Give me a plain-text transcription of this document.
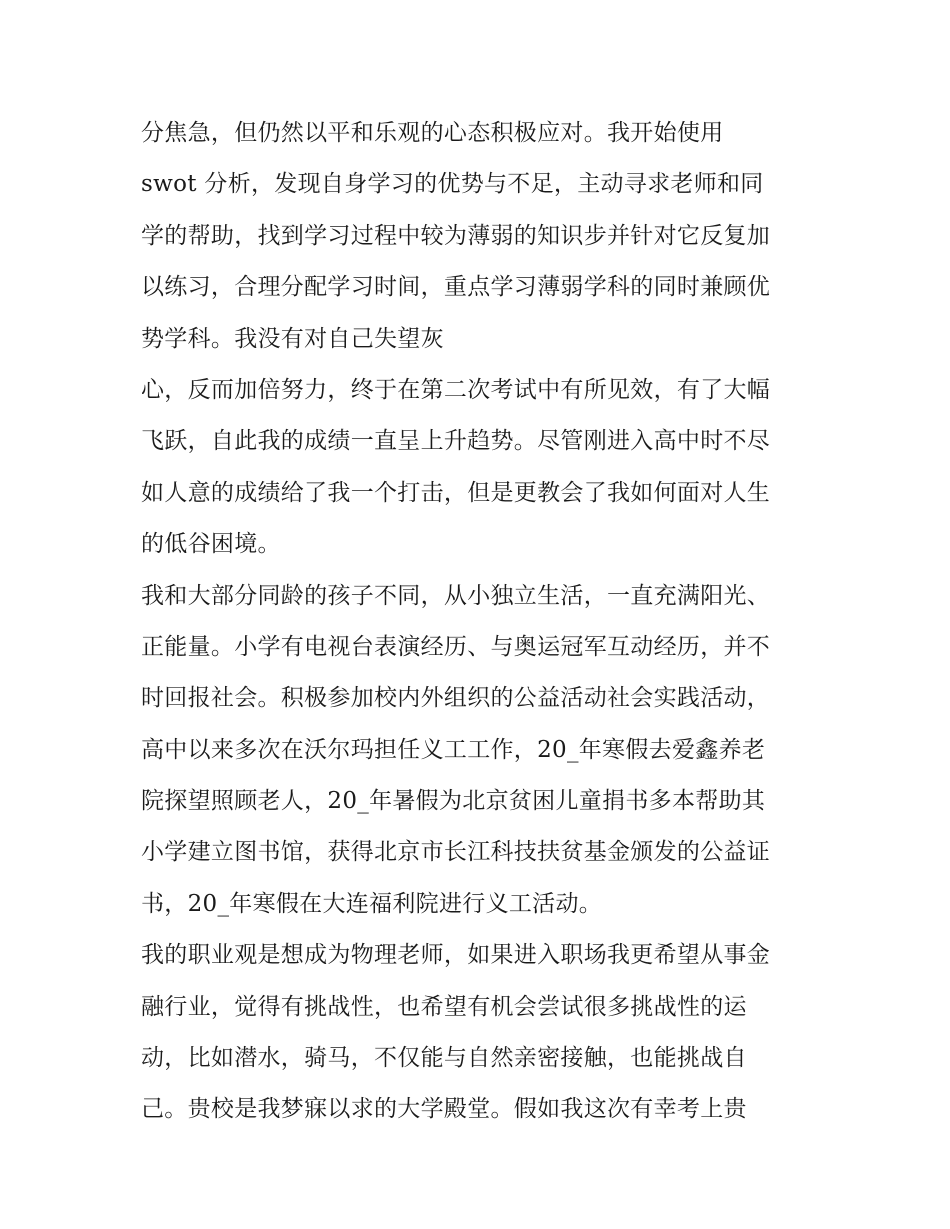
分焦急，但仍然以平和乐观的心态积极应对。我开始使用
swot 分析，发现自身学习的优势与不足，主动寻求老师和同
学的帮助，找到学习过程中较为薄弱的知识步并针对它反复加
以练习，合理分配学习时间，重点学习薄弱学科的同时兼顾优
势学科。我没有对自己失望灰
心，反而加倍努力，终于在第二次考试中有所见效，有了大幅
飞跃，自此我的成绩一直呈上升趋势。尽管刚进入高中时不尽
如人意的成绩给了我一个打击，但是更教会了我如何面对人生
的低谷困境。
我和大部分同龄的孩子不同，从小独立生活，一直充满阳光、
正能量。小学有电视台表演经历、与奥运冠军互动经历，并不
时回报社会。积极参加校内外组织的公益活动社会实践活动，
高中以来多次在沃尔玛担任义工工作，20_年寒假去爱鑫养老
院探望照顾老人，20_年暑假为北京贫困儿童捐书多本帮助其
小学建立图书馆，获得北京市长江科技扶贫基金颁发的公益证
书，20_年寒假在大连福利院进行义工活动。
我的职业观是想成为物理老师，如果进入职场我更希望从事金
融行业，觉得有挑战性，也希望有机会尝试很多挑战性的运
动，比如潜水，骑马，不仅能与自然亲密接触，也能挑战自
己。贵校是我梦寐以求的大学殿堂。假如我这次有幸考上贵
